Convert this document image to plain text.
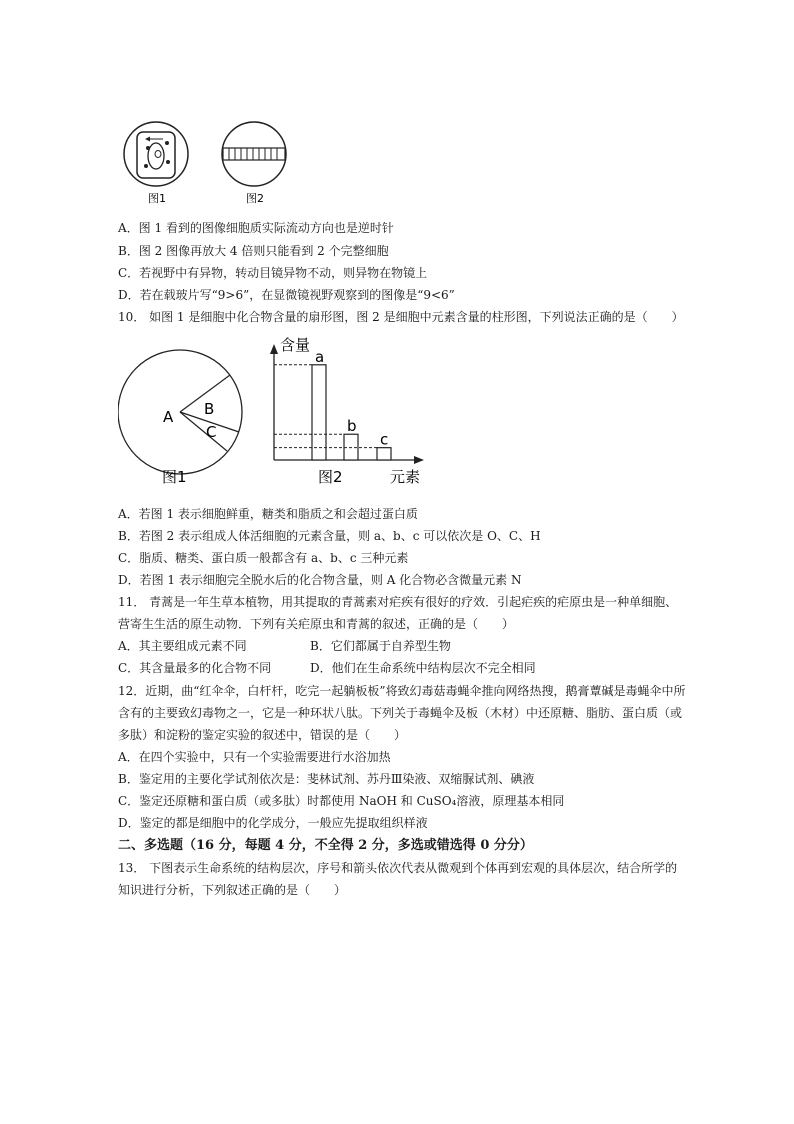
图1	图2
A．图 1 看到的图像细胞质实际流动方向也是逆时针
B．图 2 图像再放大 4 倍则只能看到 2 个完整细胞
C．若视野中有异物，转动目镜异物不动，则异物在物镜上
D．若在载玻片写“9>6”，在显微镜视野观察到的图像是“9<6”
10． 如图 1 是细胞中化合物含量的扇形图，图 2 是细胞中元素含量的柱形图，下列说法正确的是（　　）
A B
C
图1
含量
a
b
c
图2	元素
A．若图 1 表示细胞鲜重，糖类和脂质之和会超过蛋白质
B．若图 2 表示组成人体活细胞的元素含量，则 a、b、c 可以依次是 O、C、H
C．脂质、糖类、蛋白质一般都含有 a、b、c 三种元素
D．若图 1 表示细胞完全脱水后的化合物含量，则 A 化合物必含微量元素 N
11． 青蒿是一年生草本植物，用其提取的青蒿素对疟疾有很好的疗效．引起疟疾的疟原虫是一种单细胞、
营寄生生活的原生动物．下列有关疟原虫和青蒿的叙述，正确的是（　　）
A．其主要组成元素不同	B．它们都属于自养型生物
C．其含量最多的化合物不同	D．他们在生命系统中结构层次不完全相同
12．近期，曲“红伞伞，白杆杆，吃完一起躺板板”将致幻毒菇毒蝇伞推向网络热搜，鹅膏蕈碱是毒蝇伞中所
含有的主要致幻毒物之一，它是一种环状八肽。下列关于毒蝇伞及板（木材）中还原糖、脂肪、蛋白质（或
多肽）和淀粉的鉴定实验的叙述中，错误的是（　　）
A．在四个实验中，只有一个实验需要进行水浴加热
B．鉴定用的主要化学试剂依次是：斐林试剂、苏丹Ⅲ染液、双缩脲试剂、碘液
C．鉴定还原糖和蛋白质（或多肽）时都使用 NaOH 和 CuSO₄溶液，原理基本相同
D．鉴定的都是细胞中的化学成分，一般应先提取组织样液
二、多选题（16 分，每题 4 分，不全得 2 分，多选或错选得 0 分分）
13． 下图表示生命系统的结构层次，序号和箭头依次代表从微观到个体再到宏观的具体层次，结合所学的
知识进行分析，下列叙述正确的是（　　）
